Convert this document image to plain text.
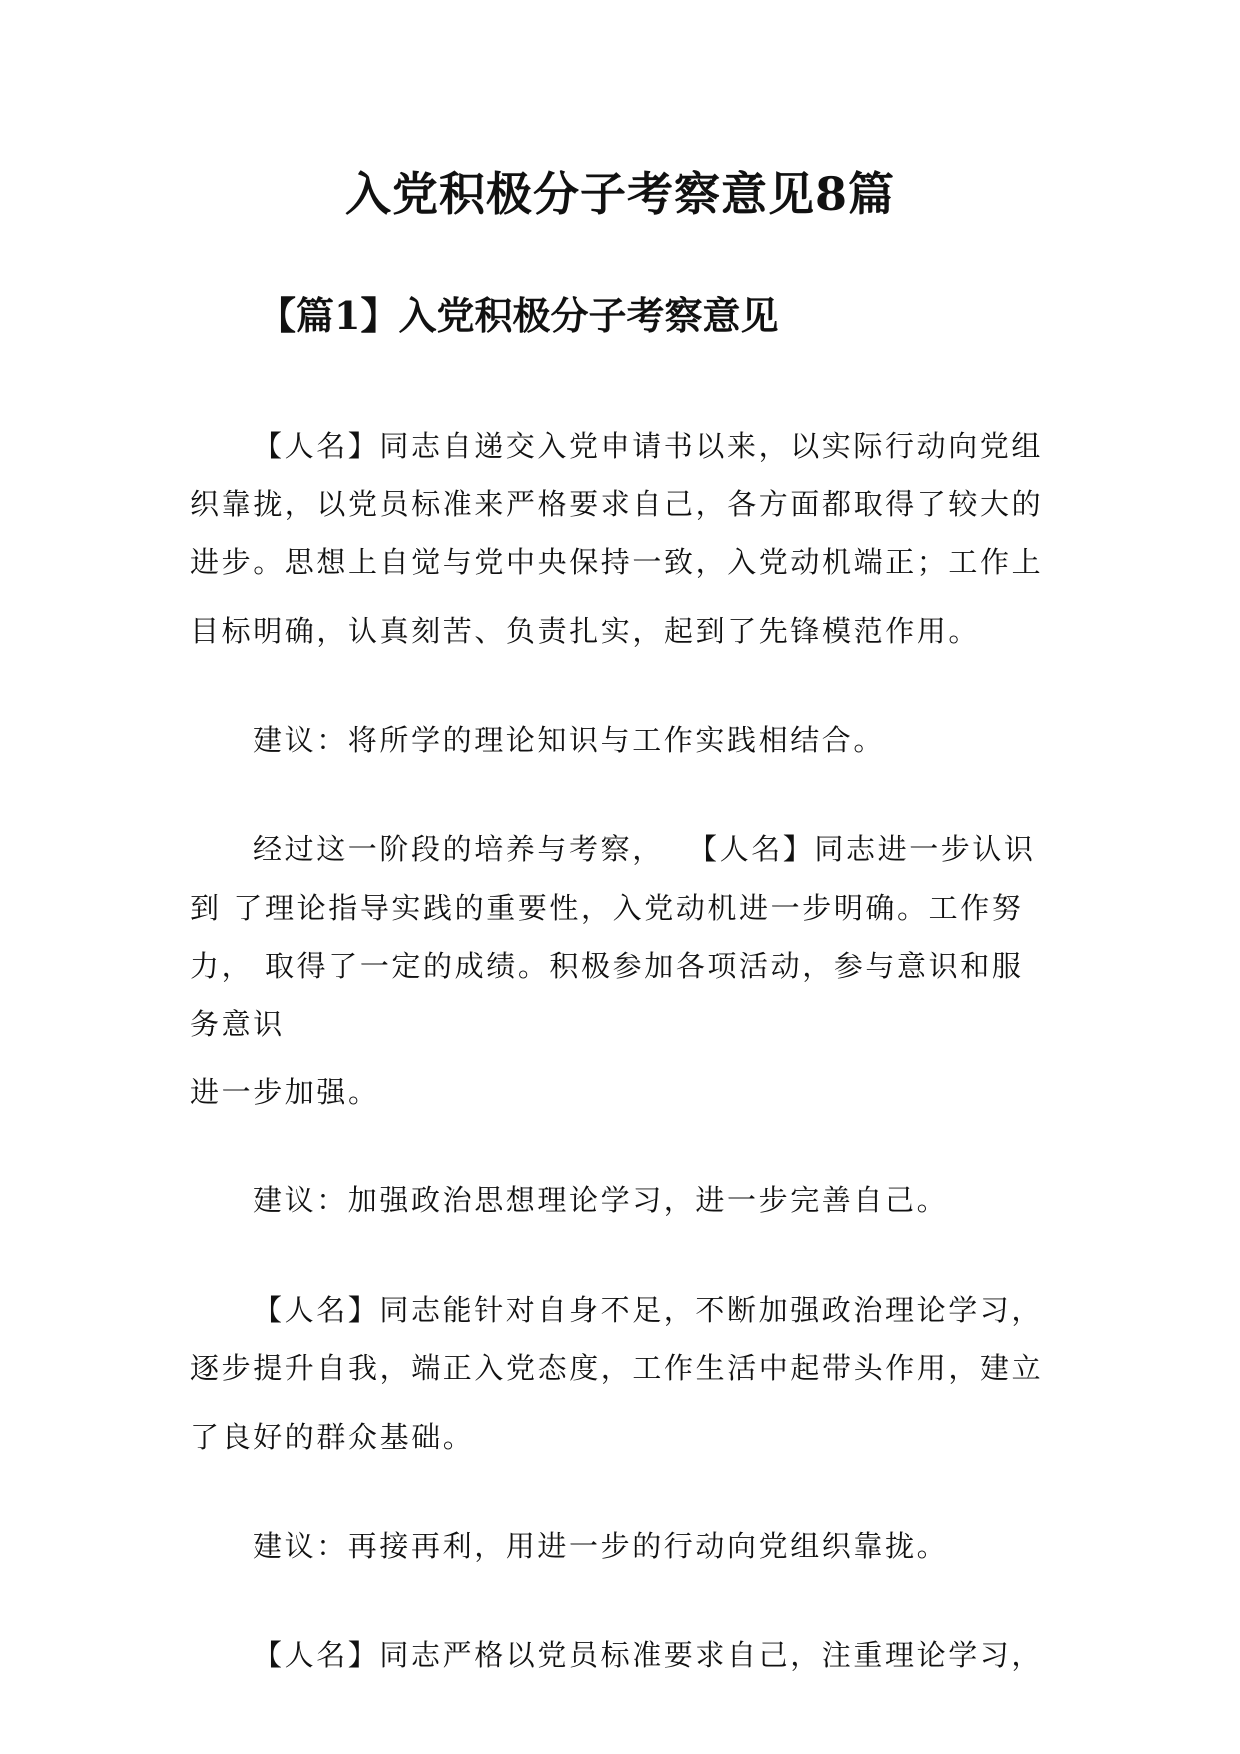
入党积极分子考察意见8篇
【篇1】入党积极分子考察意见
【人名】同志自递交入党申请书以来，以实际行动向党组
织靠拢，以党员标准来严格要求自己，各方面都取得了较大的
进步。思想上自觉与党中央保持一致，入党动机端正；工作上
目标明确，认真刻苦、负责扎实，起到了先锋模范作用。
建议：将所学的理论知识与工作实践相结合。
经过这一阶段的培养与考察， 【人名】同志进一步认识
到 了理论指导实践的重要性，入党动机进一步明确。工作努
力， 取得了一定的成绩。积极参加各项活动，参与意识和服
务意识
进一步加强。
建议：加强政治思想理论学习，进一步完善自己。
【人名】同志能针对自身不足，不断加强政治理论学习，
逐步提升自我，端正入党态度，工作生活中起带头作用，建立
了良好的群众基础。
建议：再接再利，用进一步的行动向党组织靠拢。
【人名】同志严格以党员标准要求自己，注重理论学习，
